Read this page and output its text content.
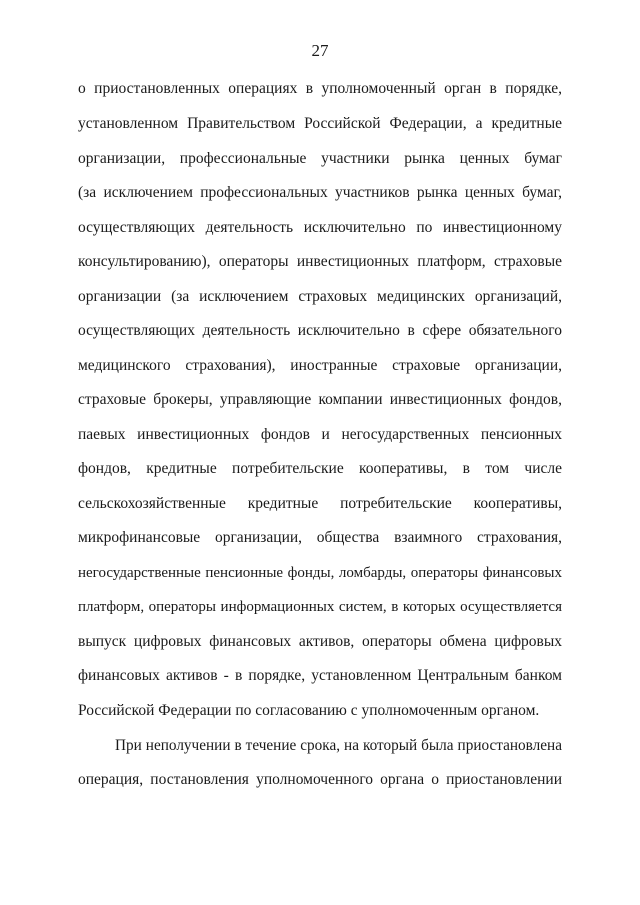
27
о приостановленных операциях в уполномоченный орган в порядке,
установленном Правительством Российской Федерации, а кредитные
организации, профессиональные участники рынка ценных бумаг
(за исключением профессиональных участников рынка ценных бумаг,
осуществляющих деятельность исключительно по инвестиционному
консультированию), операторы инвестиционных платформ, страховые
организации (за исключением страховых медицинских организаций,
осуществляющих деятельность исключительно в сфере обязательного
медицинского страхования), иностранные страховые организации,
страховые брокеры, управляющие компании инвестиционных фондов,
паевых инвестиционных фондов и негосударственных пенсионных
фондов, кредитные потребительские кооперативы, в том числе
сельскохозяйственные кредитные потребительские кооперативы,
микрофинансовые организации, общества взаимного страхования,
негосударственные пенсионные фонды, ломбарды, операторы финансовых
платформ, операторы информационных систем, в которых осуществляется
выпуск цифровых финансовых активов, операторы обмена цифровых
финансовых активов - в порядке, установленном Центральным банком
Российской Федерации по согласованию с уполномоченным органом.
При неполучении в течение срока, на который была приостановлена
операция, постановления уполномоченного органа о приостановлении
